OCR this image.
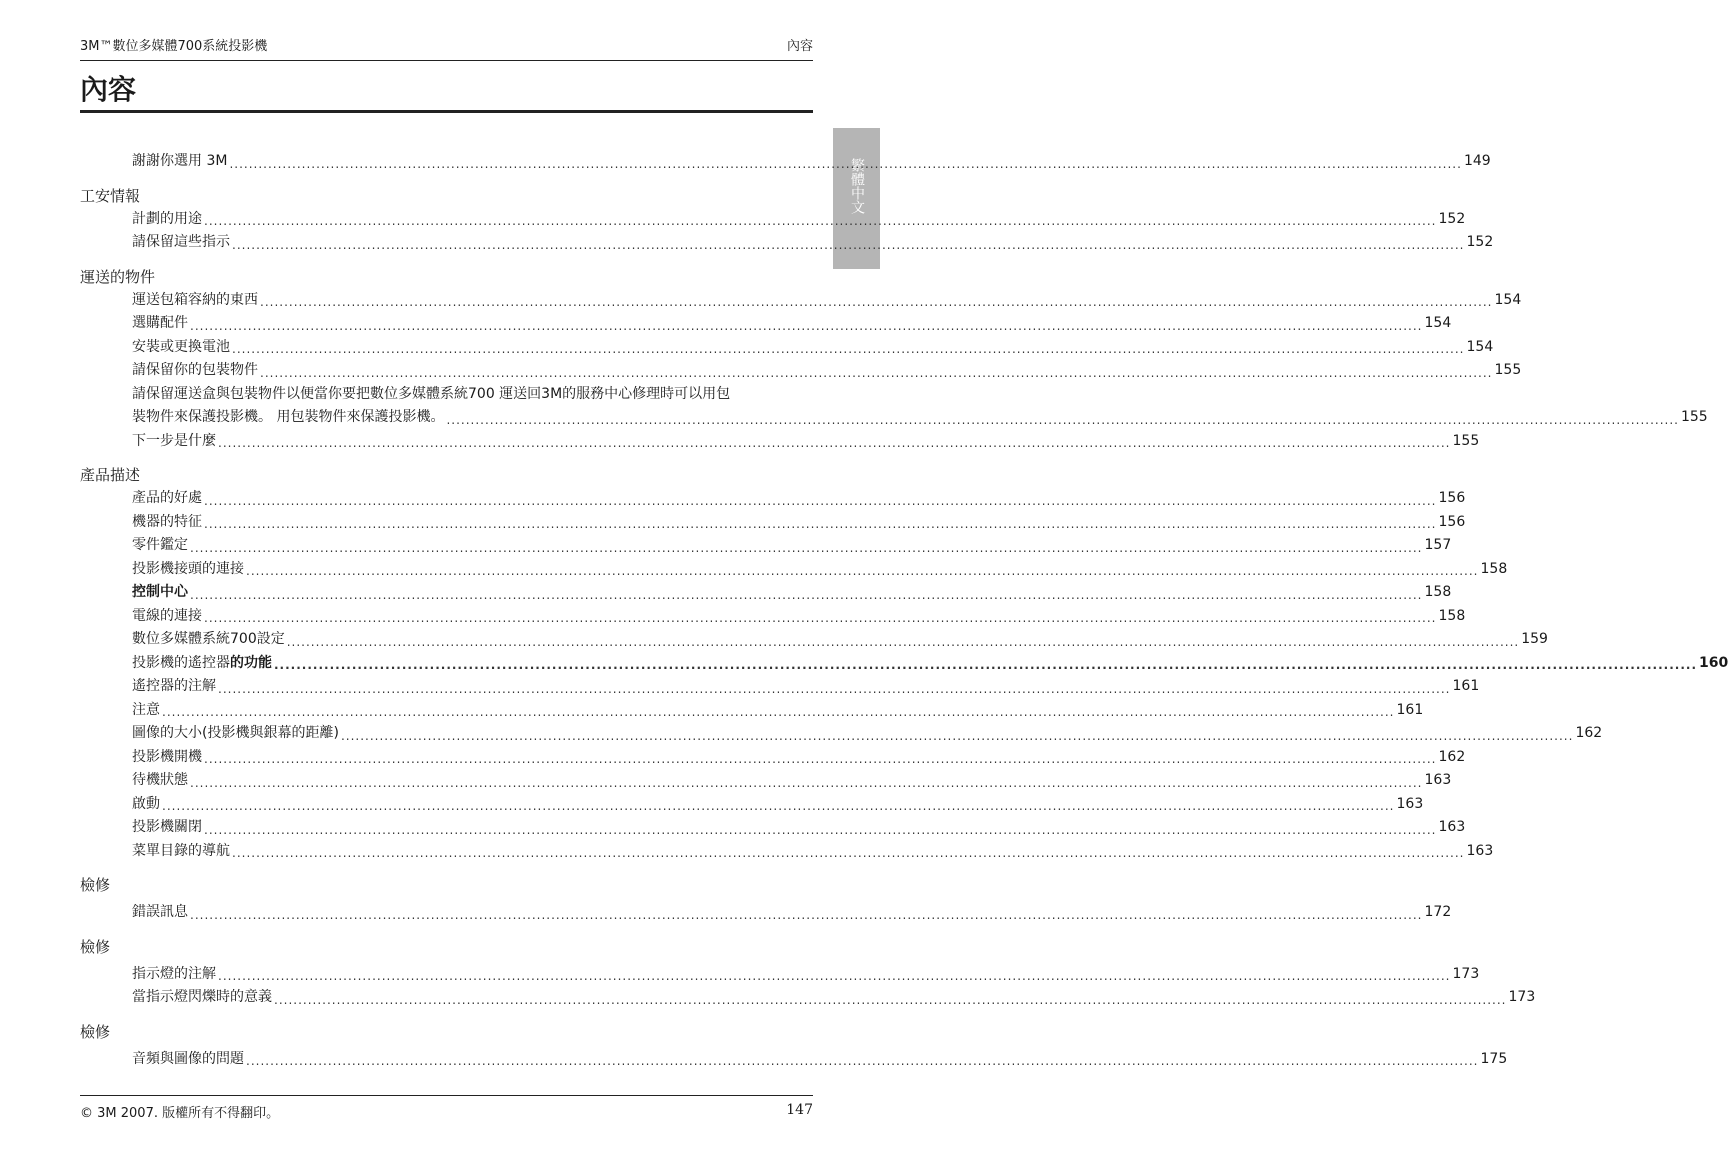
3M™數位多媒體700系統投影機	內容
內容
繁體中文
謝謝你選用 3M .....	149
工安情報
計劃的用途 .....	152
請保留這些指示 .....	152
運送的物件
運送包箱容納的東西 .....	154
選購配件 .....	154
安裝或更換電池 .....	154
請保留你的包裝物件 .....	155
請保留運送盒與包裝物件以便當你要把數位多媒體系統700 運送回3M的服務中心修理時可以用包
裝物件來保護投影機。 用包裝物件來保護投影機。 .....	155
下一步是什麼 .....	155
產品描述
產品的好處 .....	156
機器的特征 .....	156
零件鑑定 .....	157
投影機接頭的連接 .....	158
控制中心 .....	158
電線的連接 .....	158
數位多媒體系統700設定 .....	159
投影機的遙控器的功能 .....	160
遙控器的注解 .....	161
注意 .....	161
圖像的大小(投影機與銀幕的距離) .....	162
投影機開機 .....	162
待機狀態 .....	163
啟動 .....	163
投影機關閉 .....	163
菜單目錄的導航 .....	163
檢修
錯誤訊息 .....	172
檢修
指示燈的注解 .....	173
當指示燈閃爍時的意義 .....	173
檢修
音頻與圖像的問題 .....	175
© 3M 2007. 版權所有不得翻印。	147
